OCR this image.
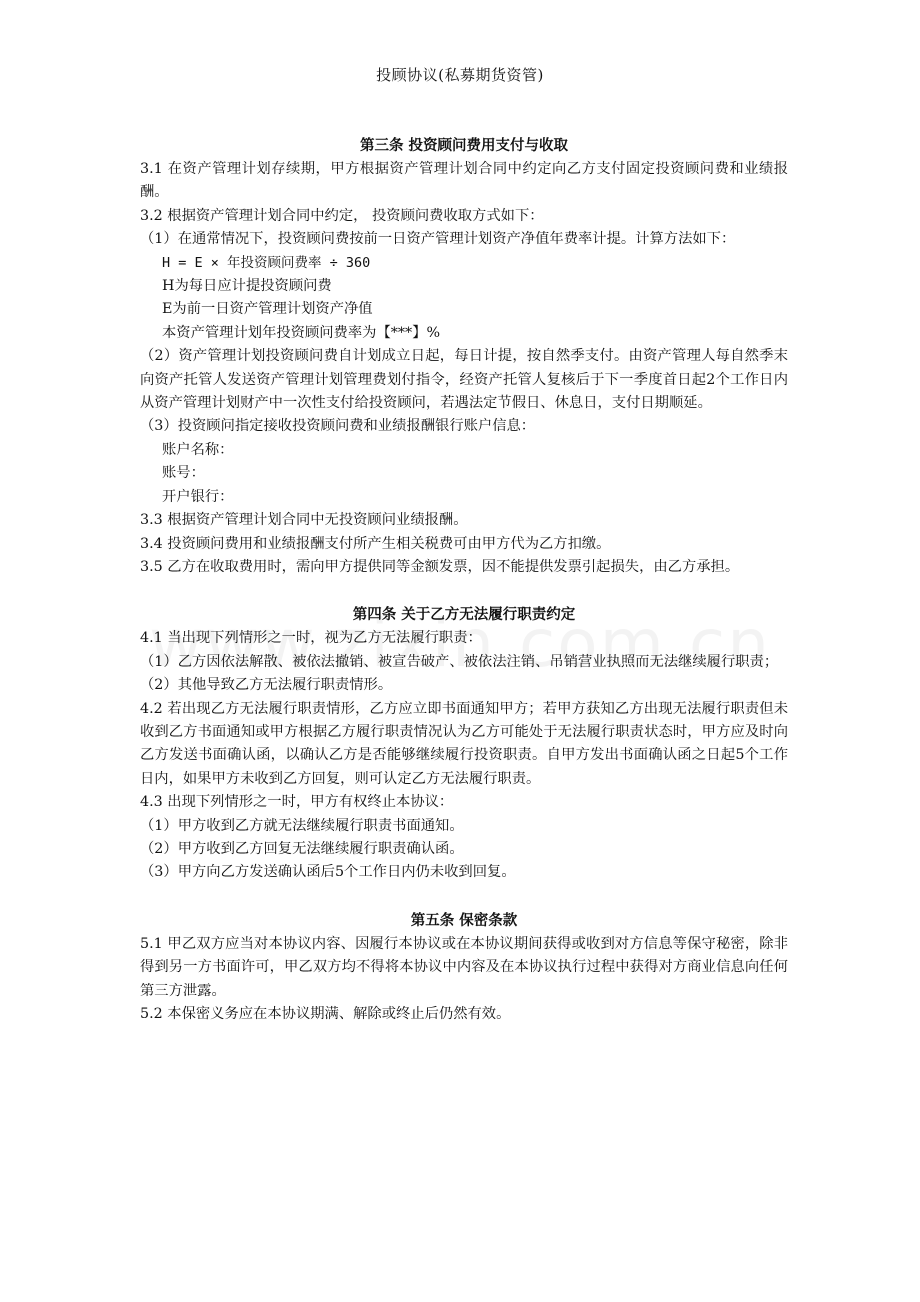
投顾协议(私募期货资管)
第三条 投资顾问费用支付与收取

3.1 在资产管理计划存续期，甲方根据资产管理计划合同中约定向乙方支付固定投资顾问费和业绩报酬。

3.2 根据资产管理计划合同中约定， 投资顾问费收取方式如下：

（1）在通常情况下，投资顾问费按前一日资产管理计划资产净值年费率计提。计算方法如下：

H = E × 年投资顾问费率 ÷ 360

H为每日应计提投资顾问费

E为前一日资产管理计划资产净值

本资产管理计划年投资顾问费率为【***】%

（2）资产管理计划投资顾问费自计划成立日起，每日计提，按自然季支付。由资产管理人每自然季末向资产托管人发送资产管理计划管理费划付指令，经资产托管人复核后于下一季度首日起2个工作日内从资产管理计划财产中一次性支付给投资顾问，若遇法定节假日、休息日，支付日期顺延。

（3）投资顾问指定接收投资顾问费和业绩报酬银行账户信息：

账户名称：

账号：

开户银行：

3.3 根据资产管理计划合同中无投资顾问业绩报酬。

3.4 投资顾问费用和业绩报酬支付所产生相关税费可由甲方代为乙方扣缴。

3.5 乙方在收取费用时，需向甲方提供同等金额发票，因不能提供发票引起损失，由乙方承担。

第四条 关于乙方无法履行职责约定

4.1 当出现下列情形之一时，视为乙方无法履行职责：

（1）乙方因依法解散、被依法撤销、被宣告破产、被依法注销、吊销营业执照而无法继续履行职责；

（2）其他导致乙方无法履行职责情形。

4.2 若出现乙方无法履行职责情形，乙方应立即书面通知甲方；若甲方获知乙方出现无法履行职责但未收到乙方书面通知或甲方根据乙方履行职责情况认为乙方可能处于无法履行职责状态时，甲方应及时向乙方发送书面确认函，以确认乙方是否能够继续履行投资职责。自甲方发出书面确认函之日起5个工作日内，如果甲方未收到乙方回复，则可认定乙方无法履行职责。

4.3 出现下列情形之一时，甲方有权终止本协议：

（1）甲方收到乙方就无法继续履行职责书面通知。

（2）甲方收到乙方回复无法继续履行职责确认函。

（3）甲方向乙方发送确认函后5个工作日内仍未收到回复。

第五条 保密条款

5.1 甲乙双方应当对本协议内容、因履行本协议或在本协议期间获得或收到对方信息等保守秘密，除非得到另一方书面许可，甲乙双方均不得将本协议中内容及在本协议执行过程中获得对方商业信息向任何第三方泄露。

5.2 本保密义务应在本协议期满、解除或终止后仍然有效。
